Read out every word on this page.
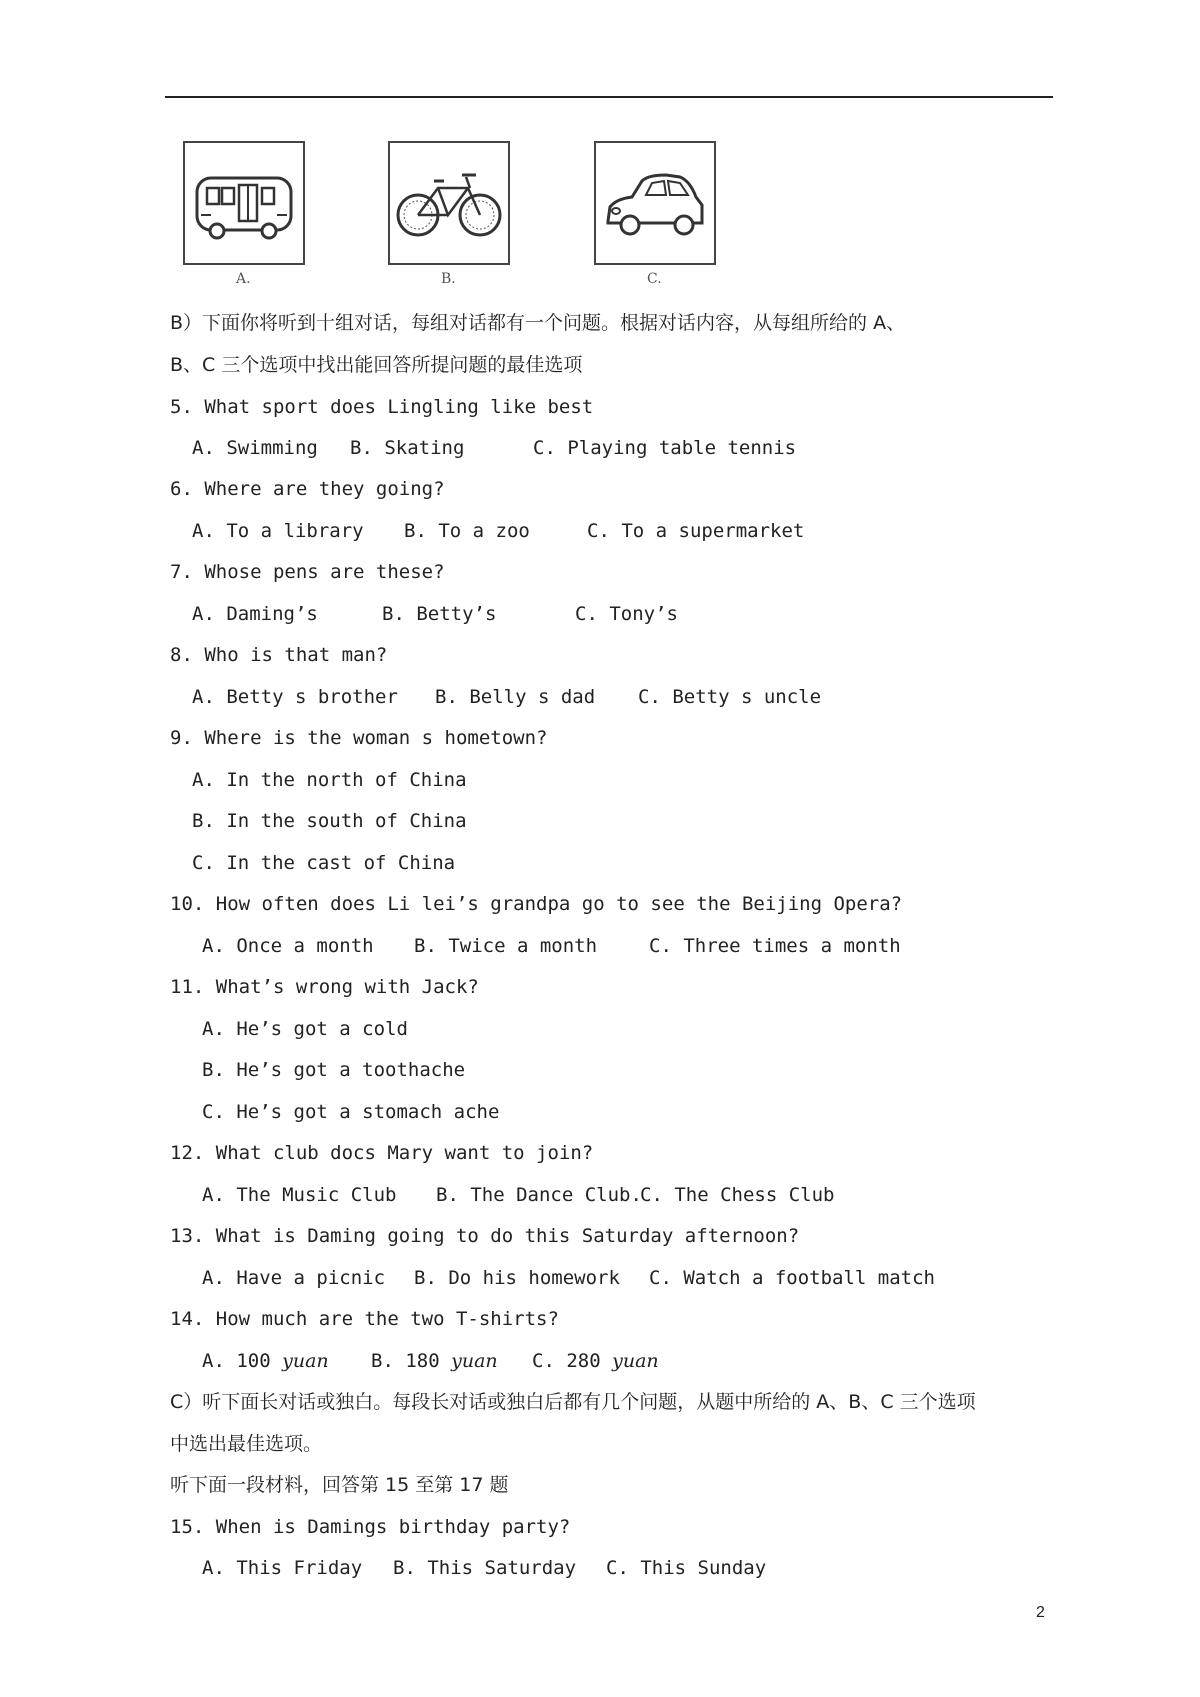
A.	B.	C.
B）下面你将听到十组对话，每组对话都有一个问题。根据对话内容，从每组所给的 A、
B、C 三个选项中找出能回答所提问题的最佳选项
5. What sport does Lingling like best
A. Swimming B. Skating	C. Playing table tennis
6. Where are they going?
A. To a library B. To a zoo	C. To a supermarket
7. Whose pens are these?
A. Daming’s	B. Betty’s	C. Tony’s
8. Who is that man?
A. Betty s brother B. Belly s dad C. Betty s uncle
9. Where is the woman s hometown?
A. In the north of China
B. In the south of China
C. In the cast of China
10. How often does Li lei’s grandpa go to see the Beijing Opera?
A. Once a month B. Twice a month	C. Three times a month
11. What’s wrong with Jack?
A. He’s got a cold
B. He’s got a toothache
C. He’s got a stomach ache
12. What club docs Mary want to join?
A. The Music Club B. The Dance Club.
C. The Chess Club
13. What is Daming going to do this Saturday afternoon?
A. Have a picnic B. Do his homework C. Watch a football match
14. How much are the two T-shirts?
A. 100 yuan B. 180 yuan C. 280 yuan
C）听下面长对话或独白。每段长对话或独白后都有几个问题，从题中所给的 A、B、C 三个选项
中选出最佳选项。
听下面一段材料，回答第 15 至第 17 题
15. When is Damings birthday party?
A. This Friday B. This Saturday C. This Sunday
2
